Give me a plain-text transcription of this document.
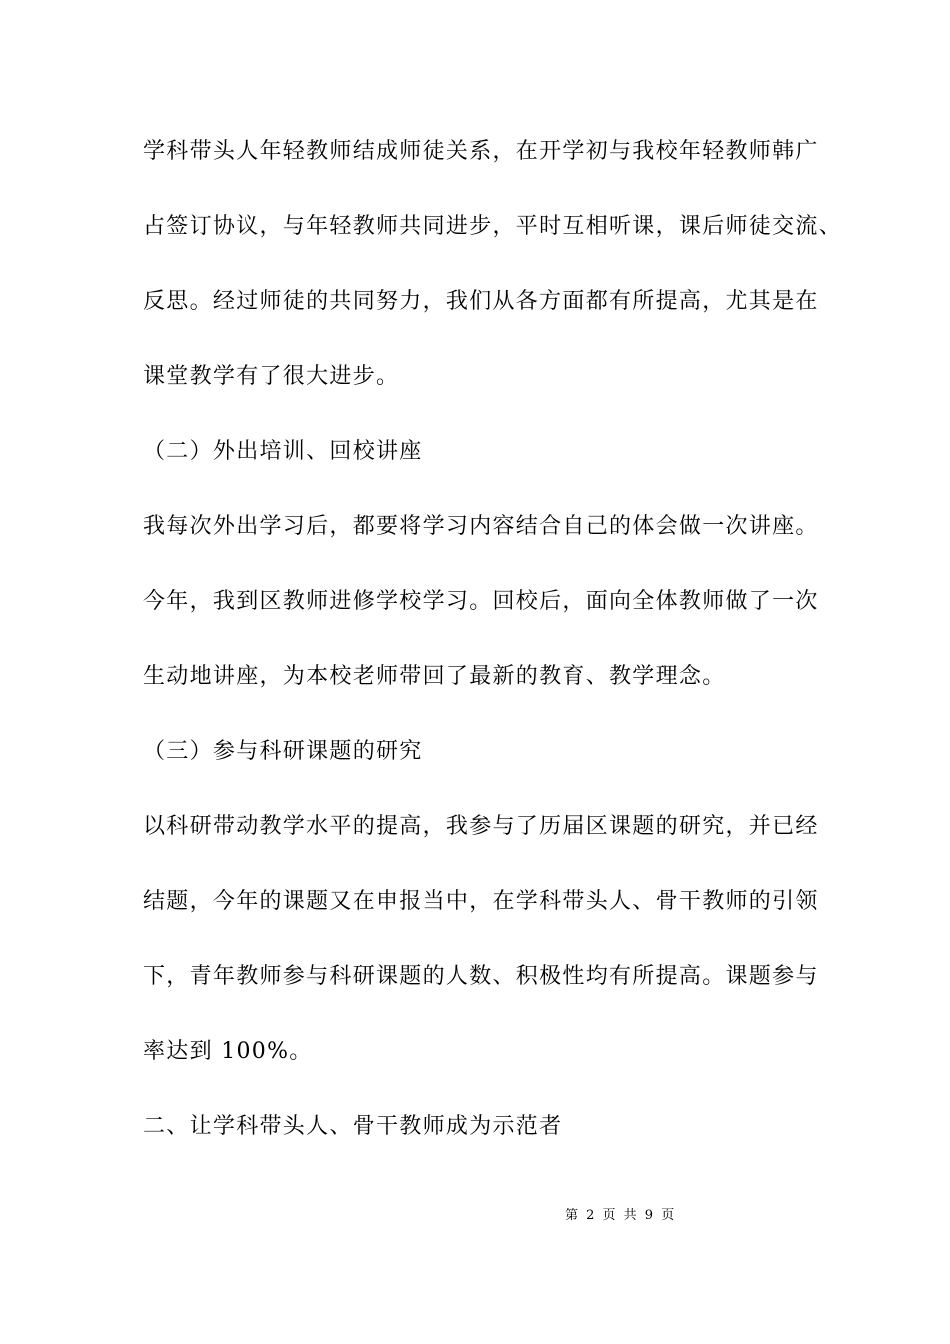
学科带头人年轻教师结成师徒关系，在开学初与我校年轻教师韩广
占签订协议，与年轻教师共同进步，平时互相听课，课后师徒交流、
反思。经过师徒的共同努力，我们从各方面都有所提高，尤其是在
课堂教学有了很大进步。
（二）外出培训、回校讲座
我每次外出学习后，都要将学习内容结合自己的体会做一次讲座。
今年，我到区教师进修学校学习。回校后，面向全体教师做了一次
生动地讲座，为本校老师带回了最新的教育、教学理念。
（三）参与科研课题的研究
以科研带动教学水平的提高，我参与了历届区课题的研究，并已经
结题，今年的课题又在申报当中，在学科带头人、骨干教师的引领
下，青年教师参与科研课题的人数、积极性均有所提高。课题参与
率达到 100%。
二、让学科带头人、骨干教师成为示范者
第 2 页 共 9 页
